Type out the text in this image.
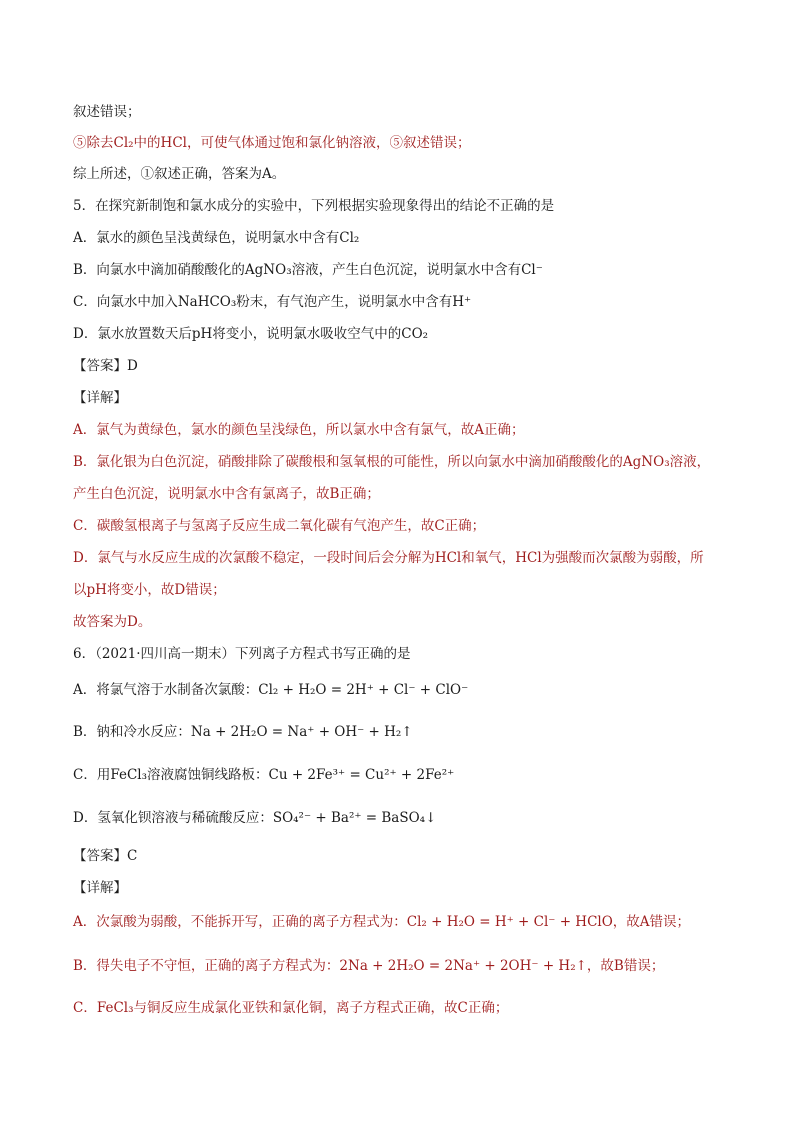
叙述错误；
⑤除去Cl₂中的HCl，可使气体通过饱和氯化钠溶液，⑤叙述错误；
综上所述，①叙述正确，答案为A。
5．在探究新制饱和氯水成分的实验中，下列根据实验现象得出的结论不正确的是
A．氯水的颜色呈浅黄绿色，说明氯水中含有Cl₂
B．向氯水中滴加硝酸酸化的AgNO₃溶液，产生白色沉淀，说明氯水中含有Cl⁻
C．向氯水中加入NaHCO₃粉末，有气泡产生，说明氯水中含有H⁺
D．氯水放置数天后pH将变小，说明氯水吸收空气中的CO₂
【答案】D
【详解】
A．氯气为黄绿色，氯水的颜色呈浅绿色，所以氯水中含有氯气，故A正确；
B．氯化银为白色沉淀，硝酸排除了碳酸根和氢氧根的可能性，所以向氯水中滴加硝酸酸化的AgNO₃溶液，
产生白色沉淀，说明氯水中含有氯离子，故B正确；
C．碳酸氢根离子与氢离子反应生成二氧化碳有气泡产生，故C正确；
D．氯气与水反应生成的次氯酸不稳定，一段时间后会分解为HCl和氧气，HCl为强酸而次氯酸为弱酸，所
以pH将变小，故D错误；
故答案为D。
6．（2021·四川高一期末）下列离子方程式书写正确的是
A．将氯气溶于水制备次氯酸：Cl₂ + H₂O = 2H⁺ + Cl⁻ + ClO⁻
B．钠和冷水反应：Na + 2H₂O = Na⁺ + OH⁻ + H₂↑
C．用FeCl₃溶液腐蚀铜线路板：Cu + 2Fe³⁺ = Cu²⁺ + 2Fe²⁺
D．氢氧化钡溶液与稀硫酸反应：SO₄²⁻ + Ba²⁺ = BaSO₄↓
【答案】C
【详解】
A．次氯酸为弱酸，不能拆开写，正确的离子方程式为：Cl₂ + H₂O = H⁺ + Cl⁻ + HClO，故A错误；
B．得失电子不守恒，正确的离子方程式为：2Na + 2H₂O = 2Na⁺ + 2OH⁻ + H₂↑，故B错误；
C．FeCl₃与铜反应生成氯化亚铁和氯化铜，离子方程式正确，故C正确；
